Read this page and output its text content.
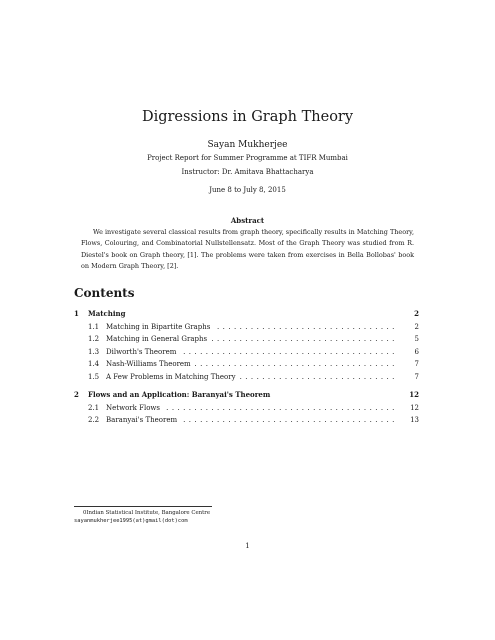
Digressions in Graph Theory
Sayan Mukherjee
Project Report for Summer Programme at TIFR Mumbai
Instructor: Dr. Amitava Bhattacharya
June 8 to July 8, 2015
Abstract

We investigate several classical results from graph theory, specifically results in Matching Theory, Flows, Colouring, and Combinatorial Nullstellensatz. Most of the Graph Theory was studied from R. Diestel's book on Graph theory, [1]. The problems were taken from exercises in Bella Bollobas' book on Modern Graph Theory, [2].

Contents
1 Matching	2
1.1 Matching in Bipartite Graphs . . .	2
1.2 Matching in General Graphs . . .	5
1.3 Dilworth's Theorem . . .	6
1.4 Nash-Williams Theorem . . .	7
1.5 A Few Problems in Matching Theory . . .	7
2 Flows and an Application: Baranyai's Theorem	12
2.1 Network Flows . . .	12
2.2 Baranyai's Theorem . . .	13
0Indian Statistical Institute, Bangalore Centre
sayanmukherjee1995(at)gmail(dot)com
1
